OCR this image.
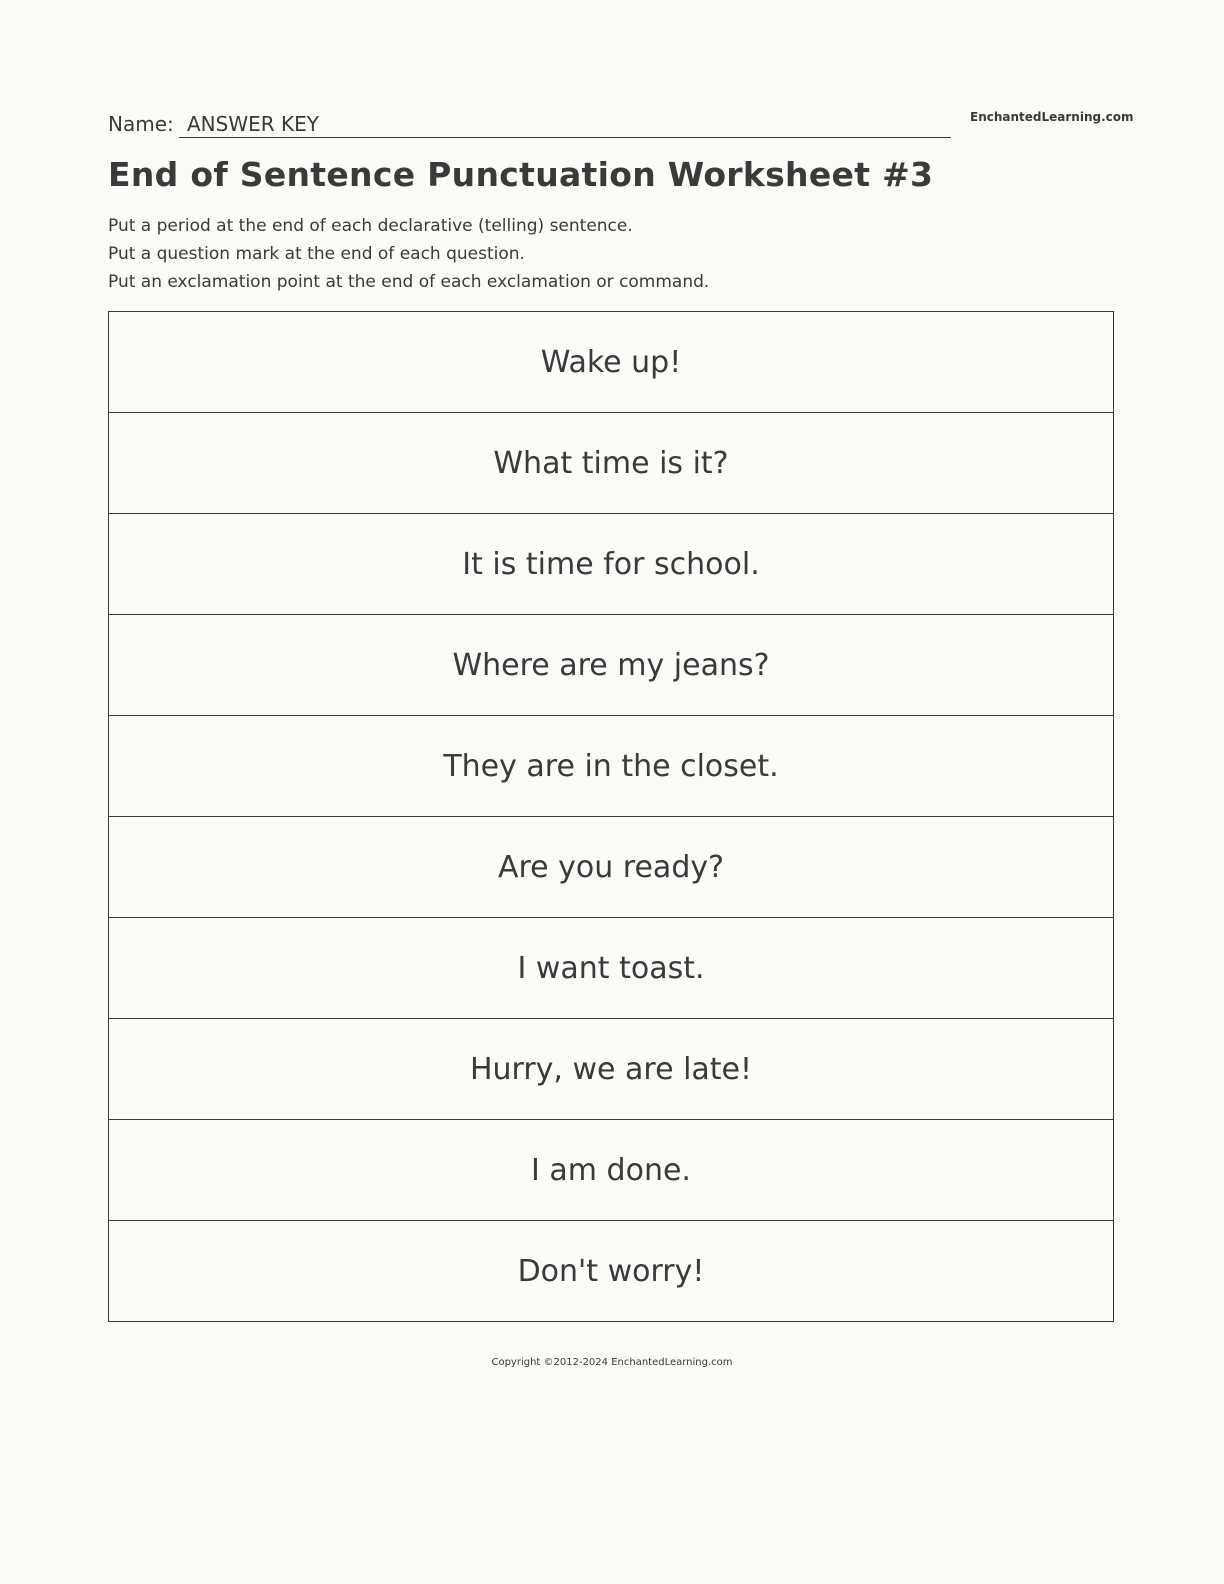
Name: ANSWER KEY	EnchantedLearning.com
End of Sentence Punctuation Worksheet #3
Put a period at the end of each declarative (telling) sentence.
Put a question mark at the end of each question.
Put an exclamation point at the end of each exclamation or command.
Wake up!
What time is it?
It is time for school.
Where are my jeans?
They are in the closet.
Are you ready?
I want toast.
Hurry, we are late!
I am done.
Don't worry!
Copyright ©2012-2024 EnchantedLearning.com
